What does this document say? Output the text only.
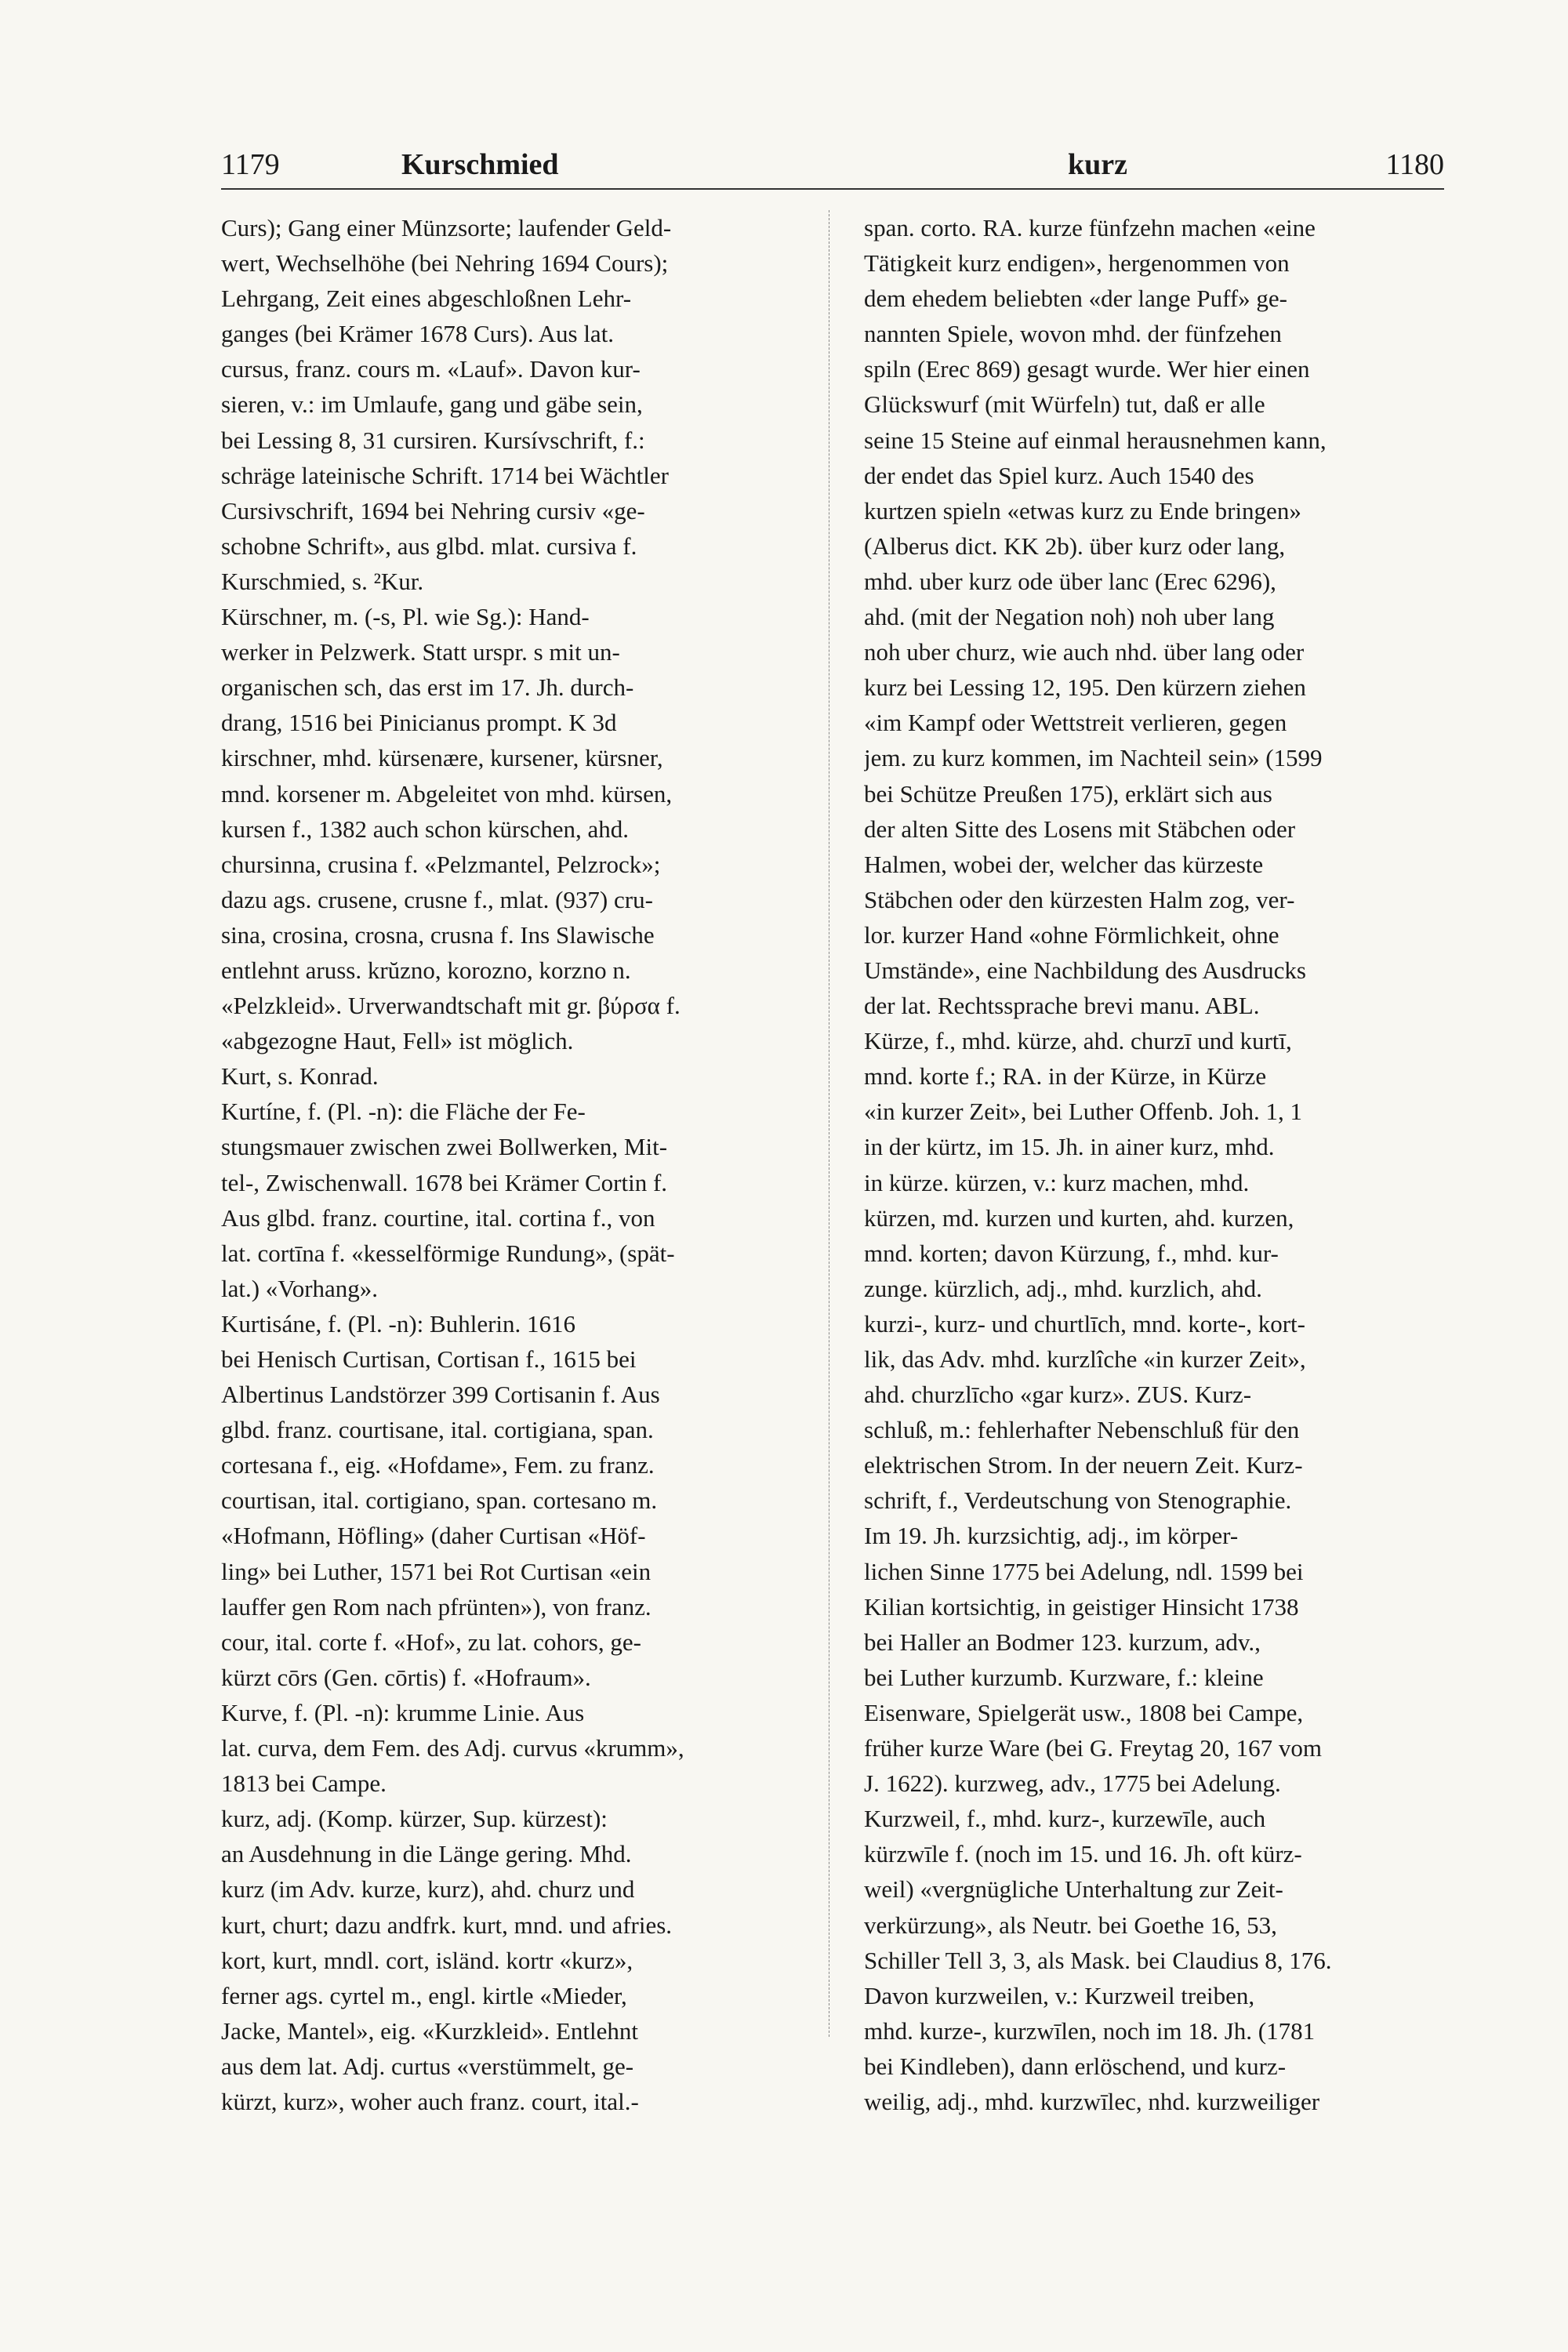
1179	Kurschmied	kurz	1180
Curs); Gang einer Münzsorte; laufender Geld-
wert, Wechselhöhe (bei Nehring 1694 Cours);
Lehrgang, Zeit eines abgeschloßnen Lehr-
ganges (bei Krämer 1678 Curs). Aus lat.
cursus, franz. cours m. «Lauf». Davon kur-
sieren, v.: im Umlaufe, gang und gäbe sein,
bei Lessing 8, 31 cursiren. Kursívschrift, f.:
schräge lateinische Schrift. 1714 bei Wächtler
Cursivschrift, 1694 bei Nehring cursiv «ge-
schobne Schrift», aus glbd. mlat. cursiva f.
Kurschmied, s. ²Kur.
Kürschner, m. (-s, Pl. wie Sg.): Hand-
werker in Pelzwerk. Statt urspr. s mit un-
organischen sch, das erst im 17. Jh. durch-
drang, 1516 bei Pinicianus prompt. K 3d
kirschner, mhd. kürsenære, kursener, kürsner,
mnd. korsener m. Abgeleitet von mhd. kürsen,
kursen f., 1382 auch schon kürschen, ahd.
chursinna, crusina f. «Pelzmantel, Pelzrock»;
dazu ags. crusene, crusne f., mlat. (937) cru-
sina, crosina, crosna, crusna f. Ins Slawische
entlehnt aruss. krŭzno, korozno, korzno n.
«Pelzkleid». Urverwandtschaft mit gr. βύρσα f.
«abgezogne Haut, Fell» ist möglich.
Kurt, s. Konrad.
Kurtíne, f. (Pl. -n): die Fläche der Fe-
stungsmauer zwischen zwei Bollwerken, Mit-
tel-, Zwischenwall. 1678 bei Krämer Cortin f.
Aus glbd. franz. courtine, ital. cortina f., von
lat. cortīna f. «kesselförmige Rundung», (spät-
lat.) «Vorhang».
Kurtisáne, f. (Pl. -n): Buhlerin. 1616
bei Henisch Curtisan, Cortisan f., 1615 bei
Albertinus Landstörzer 399 Cortisanin f. Aus
glbd. franz. courtisane, ital. cortigiana, span.
cortesana f., eig. «Hofdame», Fem. zu franz.
courtisan, ital. cortigiano, span. cortesano m.
«Hofmann, Höfling» (daher Curtisan «Höf-
ling» bei Luther, 1571 bei Rot Curtisan «ein
lauffer gen Rom nach pfrünten»), von franz.
cour, ital. corte f. «Hof», zu lat. cohors, ge-
kürzt cōrs (Gen. cōrtis) f. «Hofraum».
Kurve, f. (Pl. -n): krumme Linie. Aus
lat. curva, dem Fem. des Adj. curvus «krumm»,
1813 bei Campe.
kurz, adj. (Komp. kürzer, Sup. kürzest):
an Ausdehnung in die Länge gering. Mhd.
kurz (im Adv. kurze, kurz), ahd. churz und
kurt, churt; dazu andfrk. kurt, mnd. und afries.
kort, kurt, mndl. cort, isländ. kortr «kurz»,
ferner ags. cyrtel m., engl. kirtle «Mieder,
Jacke, Mantel», eig. «Kurzkleid». Entlehnt
aus dem lat. Adj. curtus «verstümmelt, ge-
kürzt, kurz», woher auch franz. court, ital.-
span. corto. RA. kurze fünfzehn machen «eine
Tätigkeit kurz endigen», hergenommen von
dem ehedem beliebten «der lange Puff» ge-
nannten Spiele, wovon mhd. der fünfzehen
spiln (Erec 869) gesagt wurde. Wer hier einen
Glückswurf (mit Würfeln) tut, daß er alle
seine 15 Steine auf einmal herausnehmen kann,
der endet das Spiel kurz. Auch 1540 des
kurtzen spieln «etwas kurz zu Ende bringen»
(Alberus dict. KK 2b). über kurz oder lang,
mhd. uber kurz ode über lanc (Erec 6296),
ahd. (mit der Negation noh) noh uber lang
noh uber churz, wie auch nhd. über lang oder
kurz bei Lessing 12, 195. Den kürzern ziehen
«im Kampf oder Wettstreit verlieren, gegen
jem. zu kurz kommen, im Nachteil sein» (1599
bei Schütze Preußen 175), erklärt sich aus
der alten Sitte des Losens mit Stäbchen oder
Halmen, wobei der, welcher das kürzeste
Stäbchen oder den kürzesten Halm zog, ver-
lor. kurzer Hand «ohne Förmlichkeit, ohne
Umstände», eine Nachbildung des Ausdrucks
der lat. Rechtssprache brevi manu. ABL.
Kürze, f., mhd. kürze, ahd. churzī und kurtī,
mnd. korte f.; RA. in der Kürze, in Kürze
«in kurzer Zeit», bei Luther Offenb. Joh. 1, 1
in der kürtz, im 15. Jh. in ainer kurz, mhd.
in kürze. kürzen, v.: kurz machen, mhd.
kürzen, md. kurzen und kurten, ahd. kurzen,
mnd. korten; davon Kürzung, f., mhd. kur-
zunge. kürzlich, adj., mhd. kurzlich, ahd.
kurzi-, kurz- und churtlīch, mnd. korte-, kort-
lik, das Adv. mhd. kurzlîche «in kurzer Zeit»,
ahd. churzlīcho «gar kurz». ZUS. Kurz-
schluß, m.: fehlerhafter Nebenschluß für den
elektrischen Strom. In der neuern Zeit. Kurz-
schrift, f., Verdeutschung von Stenographie.
Im 19. Jh. kurzsichtig, adj., im körper-
lichen Sinne 1775 bei Adelung, ndl. 1599 bei
Kilian kortsichtig, in geistiger Hinsicht 1738
bei Haller an Bodmer 123. kurzum, adv.,
bei Luther kurzumb. Kurzware, f.: kleine
Eisenware, Spielgerät usw., 1808 bei Campe,
früher kurze Ware (bei G. Freytag 20, 167 vom
J. 1622). kurzweg, adv., 1775 bei Adelung.
Kurzweil, f., mhd. kurz-, kurzewīle, auch
kürzwīle f. (noch im 15. und 16. Jh. oft kürz-
weil) «vergnügliche Unterhaltung zur Zeit-
verkürzung», als Neutr. bei Goethe 16, 53,
Schiller Tell 3, 3, als Mask. bei Claudius 8, 176.
Davon kurzweilen, v.: Kurzweil treiben,
mhd. kurze-, kurzwīlen, noch im 18. Jh. (1781
bei Kindleben), dann erlöschend, und kurz-
weilig, adj., mhd. kurzwīlec, nhd. kurzweiliger
